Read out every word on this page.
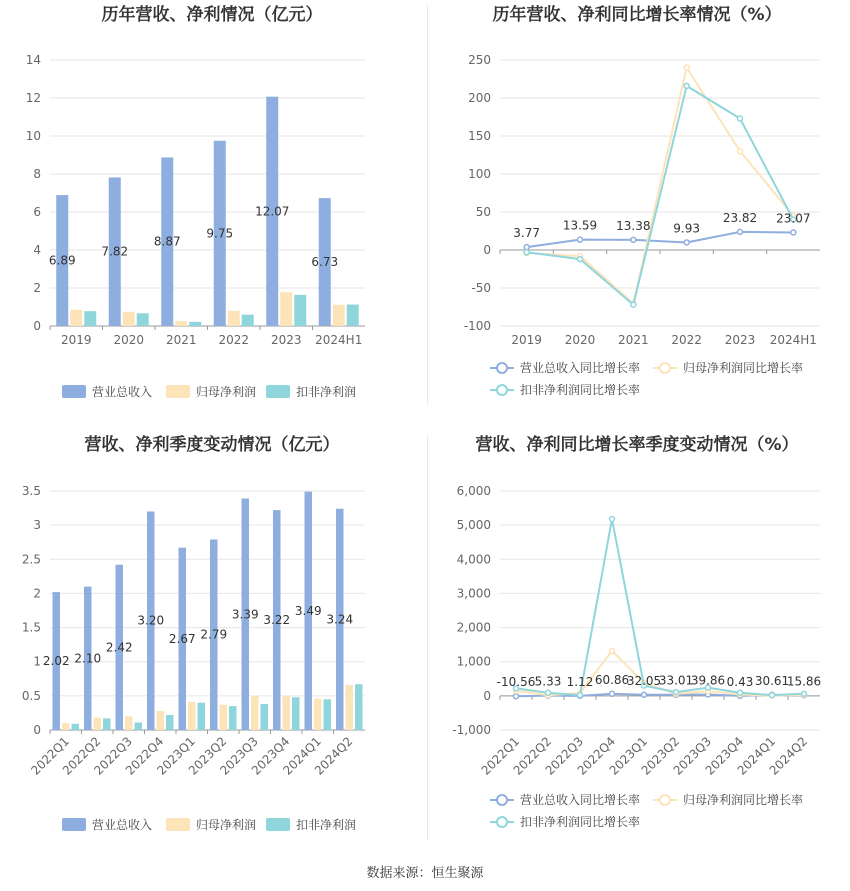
历年营收、净利情况（亿元）
0
2
4
6
8
10
12
14
2019 2020 2021 2022 2023 2024H1
6.89
7.82
8.87
9.75
12.07
6.73
营业总收入	归母净利润	扣非净利润
历年营收、净利同比增长率情况（%）
-100
-50
0
50
100
150
200
250
2019 2020 2021 2022 2023 2024H1
3.77
13.59 13.38 9.93
23.82 23.07
营业总收入同比增长率	归母净利润同比增长率
扣非净利润同比增长率
营收、净利季度变动情况（亿元）
0
0.5
1
1.5
2
2.5
3
3.5
2022Q1
2022Q2
2022Q3
2022Q4
2023Q1
2023Q2
2023Q3
2023Q4
2024Q1
2024Q2
2.02 2.10
2.42
3.20
2.67 2.79
3.39 3.22
3.49
3.24
营业总收入	归母净利润	扣非净利润
营收、净利同比增长率季度变动情况（%）
-1,000
0
1,000
2,000
3,000
4,000
5,000
6,000
2022Q1
2022Q2
2022Q3
2022Q4
2023Q1
2023Q2
2023Q3
2023Q4
2024Q1
2024Q2
-10.56 5.33 1.12 60.86
32.05
33.01
39.86 0.43 30.61
15.86
营业总收入同比增长率	归母净利润同比增长率
扣非净利润同比增长率
数据来源：恒生聚源
